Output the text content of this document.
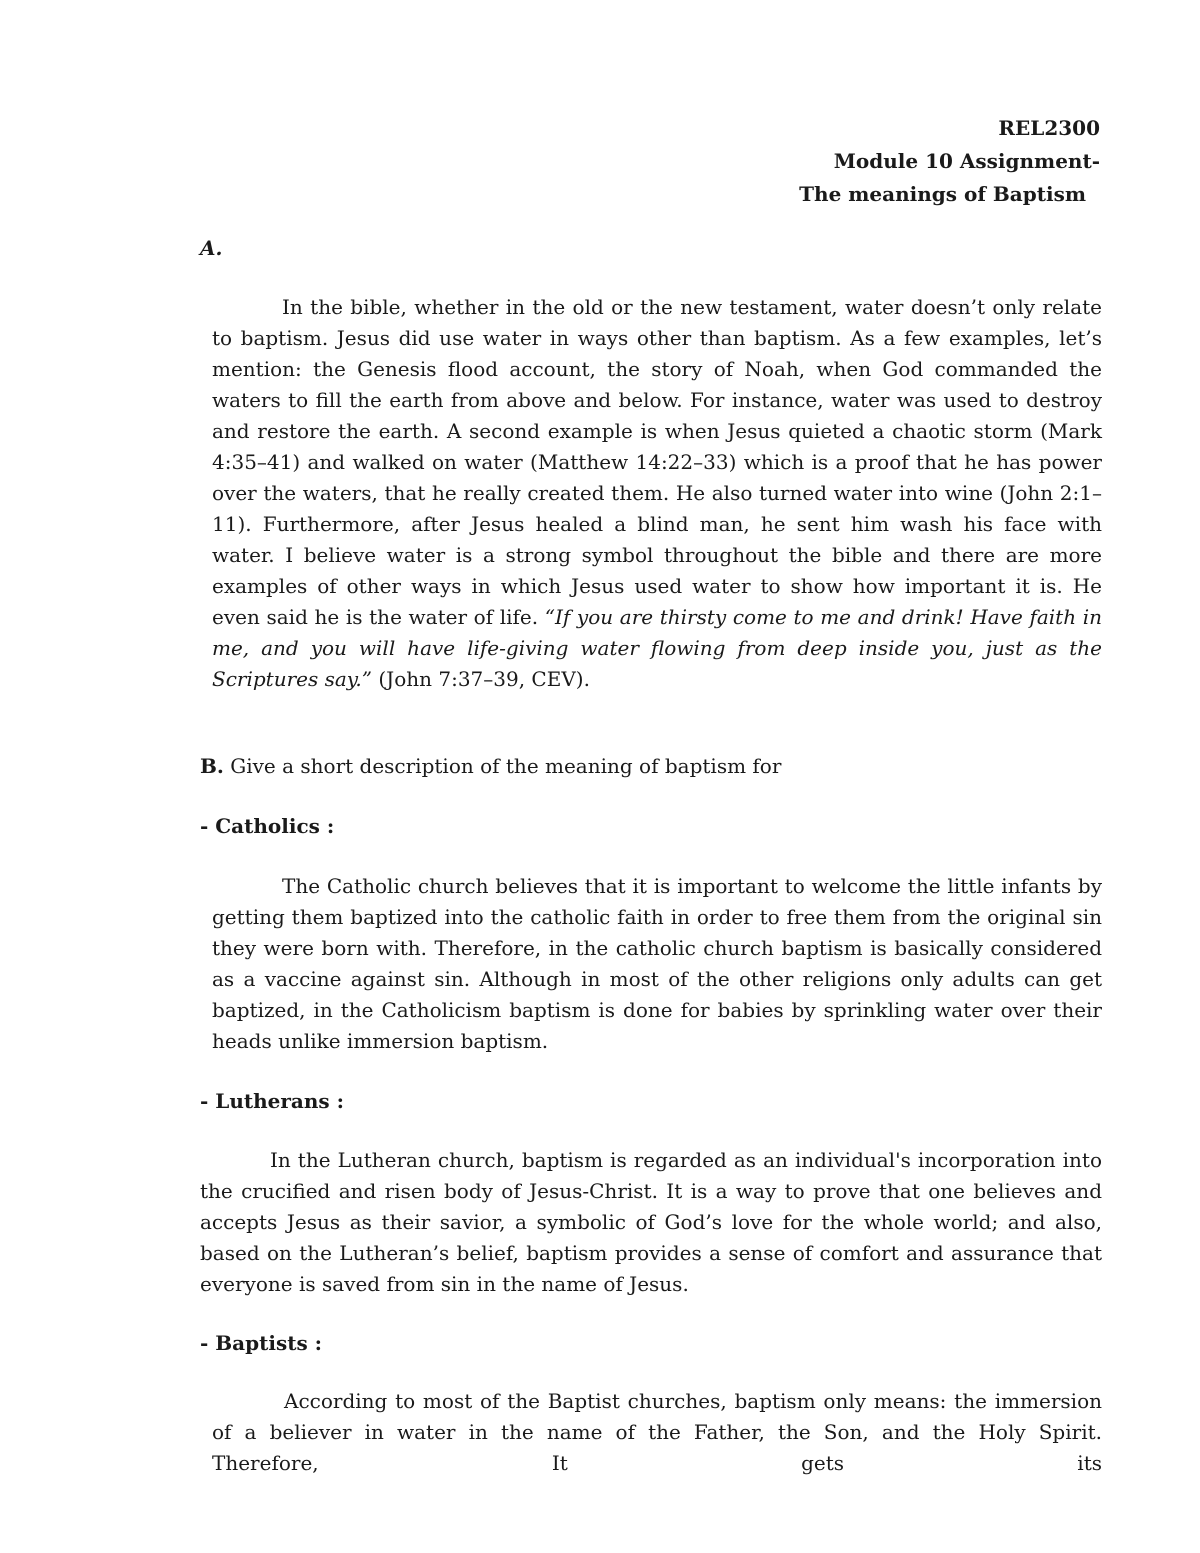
REL2300
Module 10 Assignment-
The meanings of Baptism
A.

In the bible, whether in the old or the new testament, water doesn’t only relate to baptism. Jesus did use water in ways other than baptism. As a few examples, let’s mention: the Genesis flood account, the story of Noah, when God commanded the waters to fill the earth from above and below. For instance, water was used to destroy and restore the earth. A second example is when Jesus quieted a chaotic storm (Mark 4:35–41) and walked on water (Matthew 14:22–33) which is a proof that he has power over the waters, that he really created them. He also turned water into wine (John 2:1–11). Furthermore, after Jesus healed a blind man, he sent him wash his face with water. I believe water is a strong symbol throughout the bible and there are more examples of other ways in which Jesus used water to show how important it is. He even said he is the water of life. “If you are thirsty come to me and drink! Have faith in me, and you will have life-giving water flowing from deep inside you, just as the Scriptures say.” (John 7:37–39, CEV).

B. Give a short description of the meaning of baptism for
- Catholics :

The Catholic church believes that it is important to welcome the little infants by getting them baptized into the catholic faith in order to free them from the original sin they were born with. Therefore, in the catholic church baptism is basically considered as a vaccine against sin. Although in most of the other religions only adults can get baptized, in the Catholicism baptism is done for babies by sprinkling water over their heads unlike immersion baptism.

- Lutherans :

In the Lutheran church, baptism is regarded as an individual's incorporation into the crucified and risen body of Jesus-Christ. It is a way to prove that one believes and accepts Jesus as their savior, a symbolic of God’s love for the whole world; and also, based on the Lutheran’s belief, baptism provides a sense of comfort and assurance that everyone is saved from sin in the name of Jesus.

- Baptists :

According to most of the Baptist churches, baptism only means: the immersion of a believer in water in the name of the Father, the Son, and the Holy Spirit. Therefore, It gets its
